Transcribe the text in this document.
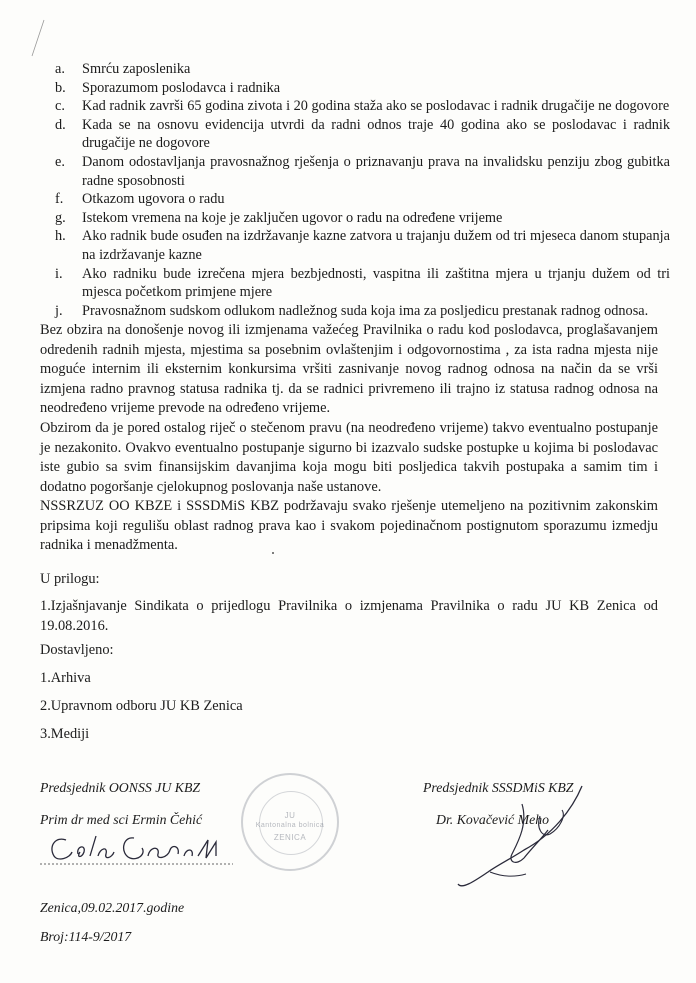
a. Smrću zaposlenika
b. Sporazumom poslodavca i radnika
c. Kad radnik završi 65 godina zivota i 20 godina staža ako se poslodavac i radnik drugačije ne dogovore
d. Kada se na osnovu evidencija utvrdi da radni odnos traje 40 godina ako se poslodavac i radnik drugačije ne dogovore
e. Danom odostavljanja pravosnažnog rješenja o priznavanju prava na invalidsku penziju zbog gubitka radne sposobnosti
f. Otkazom ugovora o radu
g. Istekom vremena na koje je zaključen ugovor o radu na određene vrijeme
h. Ako radnik bude osuđen na izdržavanje kazne zatvora u trajanju dužem od tri mjeseca danom stupanja na izdržavanje kazne
i. Ako radniku bude izrečena mjera bezbjednosti, vaspitna ili zaštitna mjera u trjanju dužem od tri mjesca početkom primjene mjere
j. Pravosnažnom sudskom odlukom nadležnog suda koja ima za posljedicu prestanak radnog odnosa.

Bez obzira na donošenje novog ili izmjenama važećeg Pravilnika o radu kod poslodavca, proglašavanjem odredenih radnih mjesta, mjestima sa posebnim ovlaštenjim i odgovornostima , za ista radna mjesta nije moguće internim ili eksternim konkursima vršiti zasnivanje novog radnog odnosa na način da se vrši izmjena radno pravnog statusa radnika tj. da se radnici privremeno ili trajno iz statusa radnog odnosa na neodređeno vrijeme prevode na određeno vrijeme.

Obzirom da je pored ostalog riječ o stečenom pravu (na neodređeno vrijeme) takvo eventualno postupanje je nezakonito. Ovakvo eventualno postupanje sigurno bi izazvalo sudske postupke u kojima bi poslodavac iste gubio sa svim finansijskim davanjima koja mogu biti posljedica takvih postupaka a samim tim i dodatno pogoršanje cjelokupnog poslovanja naše ustanove.

NSSRZUZ OO KBZE i SSSDMiS KBZ podržavaju svako rješenje utemeljeno na pozitivnim zakonskim pripsima koji regulišu oblast radnog prava kao i svakom pojedinačnom postignutom sporazumu izmedju radnika i menadžmenta.

U prilogu:

1.Izjašnjavanje Sindikata o prijedlogu Pravilnika o izmjenama Pravilnika o radu JU KB Zenica od 19.08.2016.

Dostavljeno:

1.Arhiva

2.Upravnom odboru JU KB Zenica

3.Mediji

Predsjednik OONSS JU KBZ

Prim dr med sci Ermin Čehić

Predsjednik SSSDMiS KBZ

Dr. Kovačević Meho

JU
Kantonalna bolnica
ZENICA

Zenica,09.02.2017.godine

Broj:114-9/2017
